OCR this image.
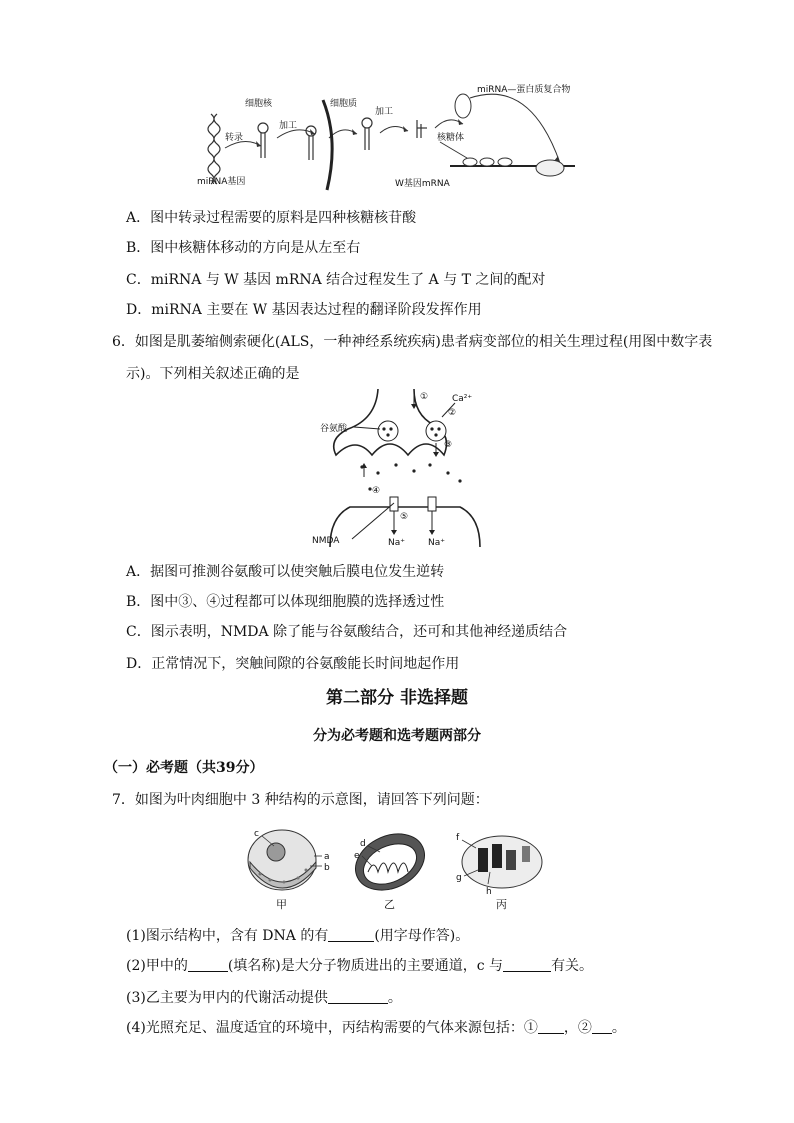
细胞核	细胞质
转录
加工
加工
miRNA—蛋白质复合物
核糖体
miRNA基因	W基因mRNA
A．图中转录过程需要的原料是四种核糖核苷酸
B．图中核糖体移动的方向是从左至右
C．miRNA 与 W 基因 mRNA 结合过程发生了 A 与 T 之间的配对
D．miRNA 主要在 W 基因表达过程的翻译阶段发挥作用
6．如图是肌萎缩侧索硬化(ALS，一种神经系统疾病)患者病变部位的相关生理过程(用图中数字表
示)。下列相关叙述正确的是
①	Ca²⁺
②
③
谷氨酸
④
⑤
NMDA	Na⁺	Na⁺
A．据图可推测谷氨酸可以使突触后膜电位发生逆转
B．图中③、④过程都可以体现细胞膜的选择透过性
C．图示表明，NMDA 除了能与谷氨酸结合，还可和其他神经递质结合
D．正常情况下，突触间隙的谷氨酸能长时间地起作用
第二部分 非选择题
分为必考题和选考题两部分
（一）必考题（共39分）
7．如图为叶肉细胞中 3 种结构的示意图，请回答下列问题：
c
a
b
d
e
f
g
h
甲	乙	丙
(1)图示结构中，含有 DNA 的有	(用字母作答)。
(2)甲中的	(填名称)是大分子物质进出的主要通道，c 与	有关。
(3)乙主要为甲内的代谢活动提供	。
(4)光照充足、温度适宜的环境中，丙结构需要的气体来源包括：① ，② 。
